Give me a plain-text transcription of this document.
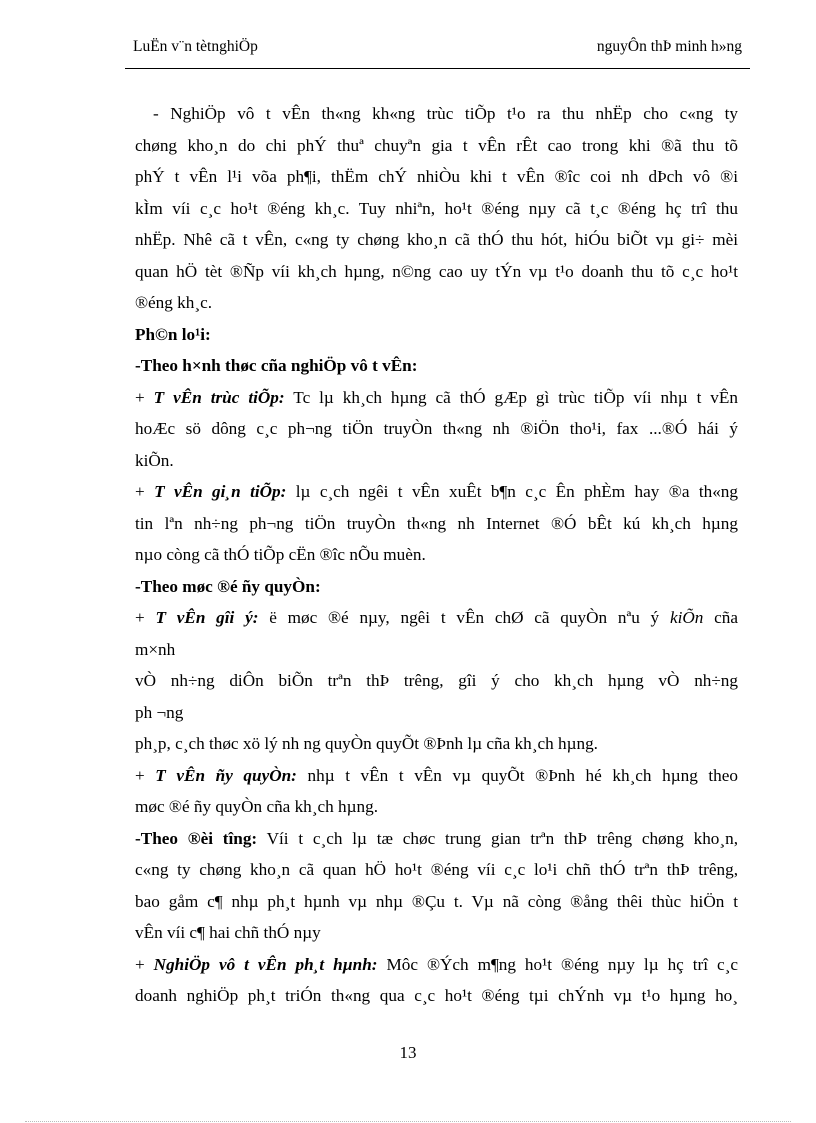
LuËn v¨n tètnghiÖp	nguyÔn thÞ minh h»ng
- NghiÖp vô t vÊn th«ng kh«ng trùc tiÕp t¹o ra thu nhËp cho c«ng ty
chøng kho¸n do chi phÝ thuª chuyªn gia t vÊn rÊt cao trong khi ®ã thu tõ
phÝ t vÊn l¹i võa ph¶i, thËm chÝ nhiÒu khi t vÊn ®îc coi nh dÞch vô ®i
kÌm víi c¸c ho¹t ®éng kh¸c. Tuy nhiªn, ho¹t ®éng nµy cã t¸c ®éng hç trî thu
nhËp. Nhê cã t vÊn, c«ng ty chøng kho¸n cã thÓ thu hót, hiÓu biÕt vµ gi÷ mèi
quan hÖ tèt ®Ñp víi kh¸ch hµng, n©ng cao uy tÝn vµ t¹o doanh thu tõ c¸c ho¹t
®éng kh¸c.
Ph©n lo¹i:
-Theo h×nh thøc cña nghiÖp vô t vÊn:
+ T vÊn trùc tiÕp: Tc lµ kh¸ch hµng cã thÓ gÆp gì trùc tiÕp víi nhµ t vÊn
hoÆc sö dông c¸c ph¬ng tiÖn truyÒn th«ng nh ®iÖn tho¹i, fax ...®Ó hái ý
kiÕn.
+ T vÊn gi¸n tiÕp: lµ c¸ch ngêi t vÊn xuÊt b¶n c¸c Ên phÈm hay ®a th«ng
tin lªn nh÷ng ph¬ng tiÖn truyÒn th«ng nh Internet ®Ó bÊt kú kh¸ch hµng
nµo còng cã thÓ tiÕp cËn ®îc nÕu muèn.
-Theo møc ®é ñy quyÒn:
+ T vÊn gîi ý: ë møc ®é nµy, ngêi t vÊn chØ cã quyÒn nªu ý kiÕn cña
m×nh
vÒ nh÷ng diÔn biÕn trªn thÞ trêng, gîi ý cho kh¸ch hµng vÒ nh÷ng
ph ¬ng
ph¸p, c¸ch thøc xö lý nh ng quyÒn quyÕt ®Þnh lµ cña kh¸ch hµng.
+ T vÊn ñy quyÒn: nhµ t vÊn t vÊn vµ quyÕt ®Þnh hé kh¸ch hµng theo
møc ®é ñy quyÒn cña kh¸ch hµng.
-Theo ®èi tîng: Víi t c¸ch lµ tæ chøc trung gian trªn thÞ trêng chøng kho¸n,
c«ng ty chøng kho¸n cã quan hÖ ho¹t ®éng víi c¸c lo¹i chñ thÓ trªn thÞ trêng,
bao gåm c¶ nhµ ph¸t hµnh vµ nhµ ®Çu t. Vµ nã còng ®ång thêi thùc hiÖn t
vÊn víi c¶ hai chñ thÓ nµy
+ NghiÖp vô t vÊn ph¸t hµnh: Môc ®Ých m¶ng ho¹t ®éng nµy lµ hç trî c¸c
doanh nghiÖp ph¸t triÓn th«ng qua c¸c ho¹t ®éng tµi chÝnh vµ t¹o hµng ho¸
13
